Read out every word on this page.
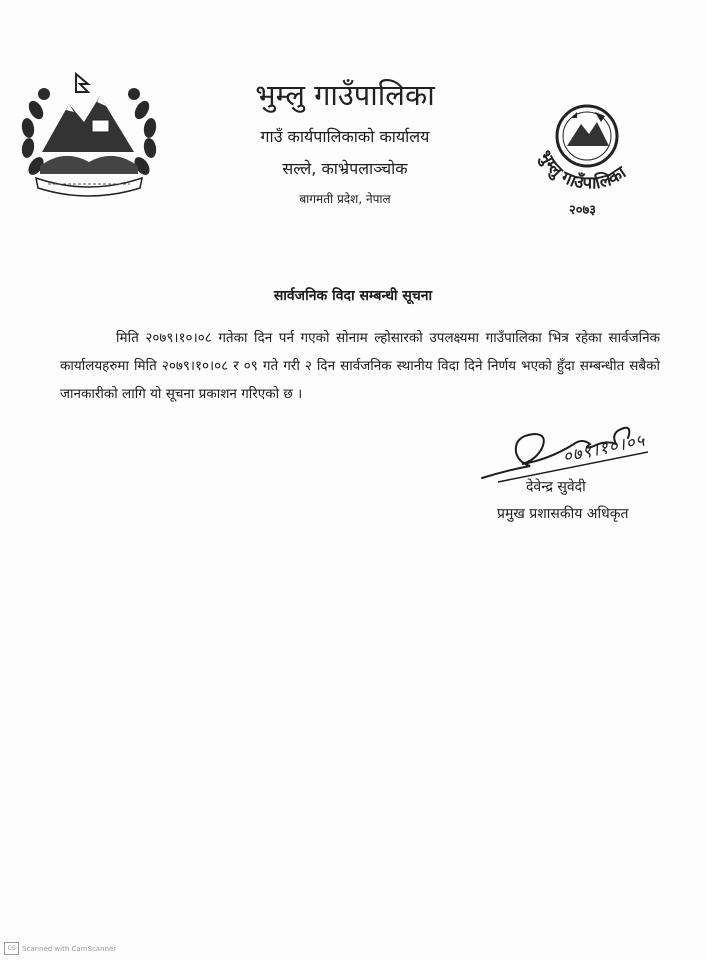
भुम्लु गाउँपालिका
गाउँ कार्यपालिकाको कार्यालय
सल्ले, काभ्रेपलाञ्चोक
बागमती प्रदेश, नेपाल
भुम्लु गाउँपालिका
२०७३
सार्वजनिक विदा सम्बन्धी सूचना
मिति २०७९।१०।०८ गतेका दिन पर्न गएको सोनाम ल्होसारको उपलक्ष्यमा गाउँपालिका भित्र रहेका सार्वजनिक कार्यालयहरुमा मिति २०७९।१०।०८ र ०९ गते गरी २ दिन सार्वजनिक स्थानीय विदा दिने निर्णय भएको हुँदा सम्बन्धीत सबैको जानकारीको लागि यो सूचना प्रकाशन गरिएको छ ।
०७९।१०।०५
देवेन्द्र सुवेदी
प्रमुख प्रशासकीय अधिकृत
CS Scanned with CamScanner
